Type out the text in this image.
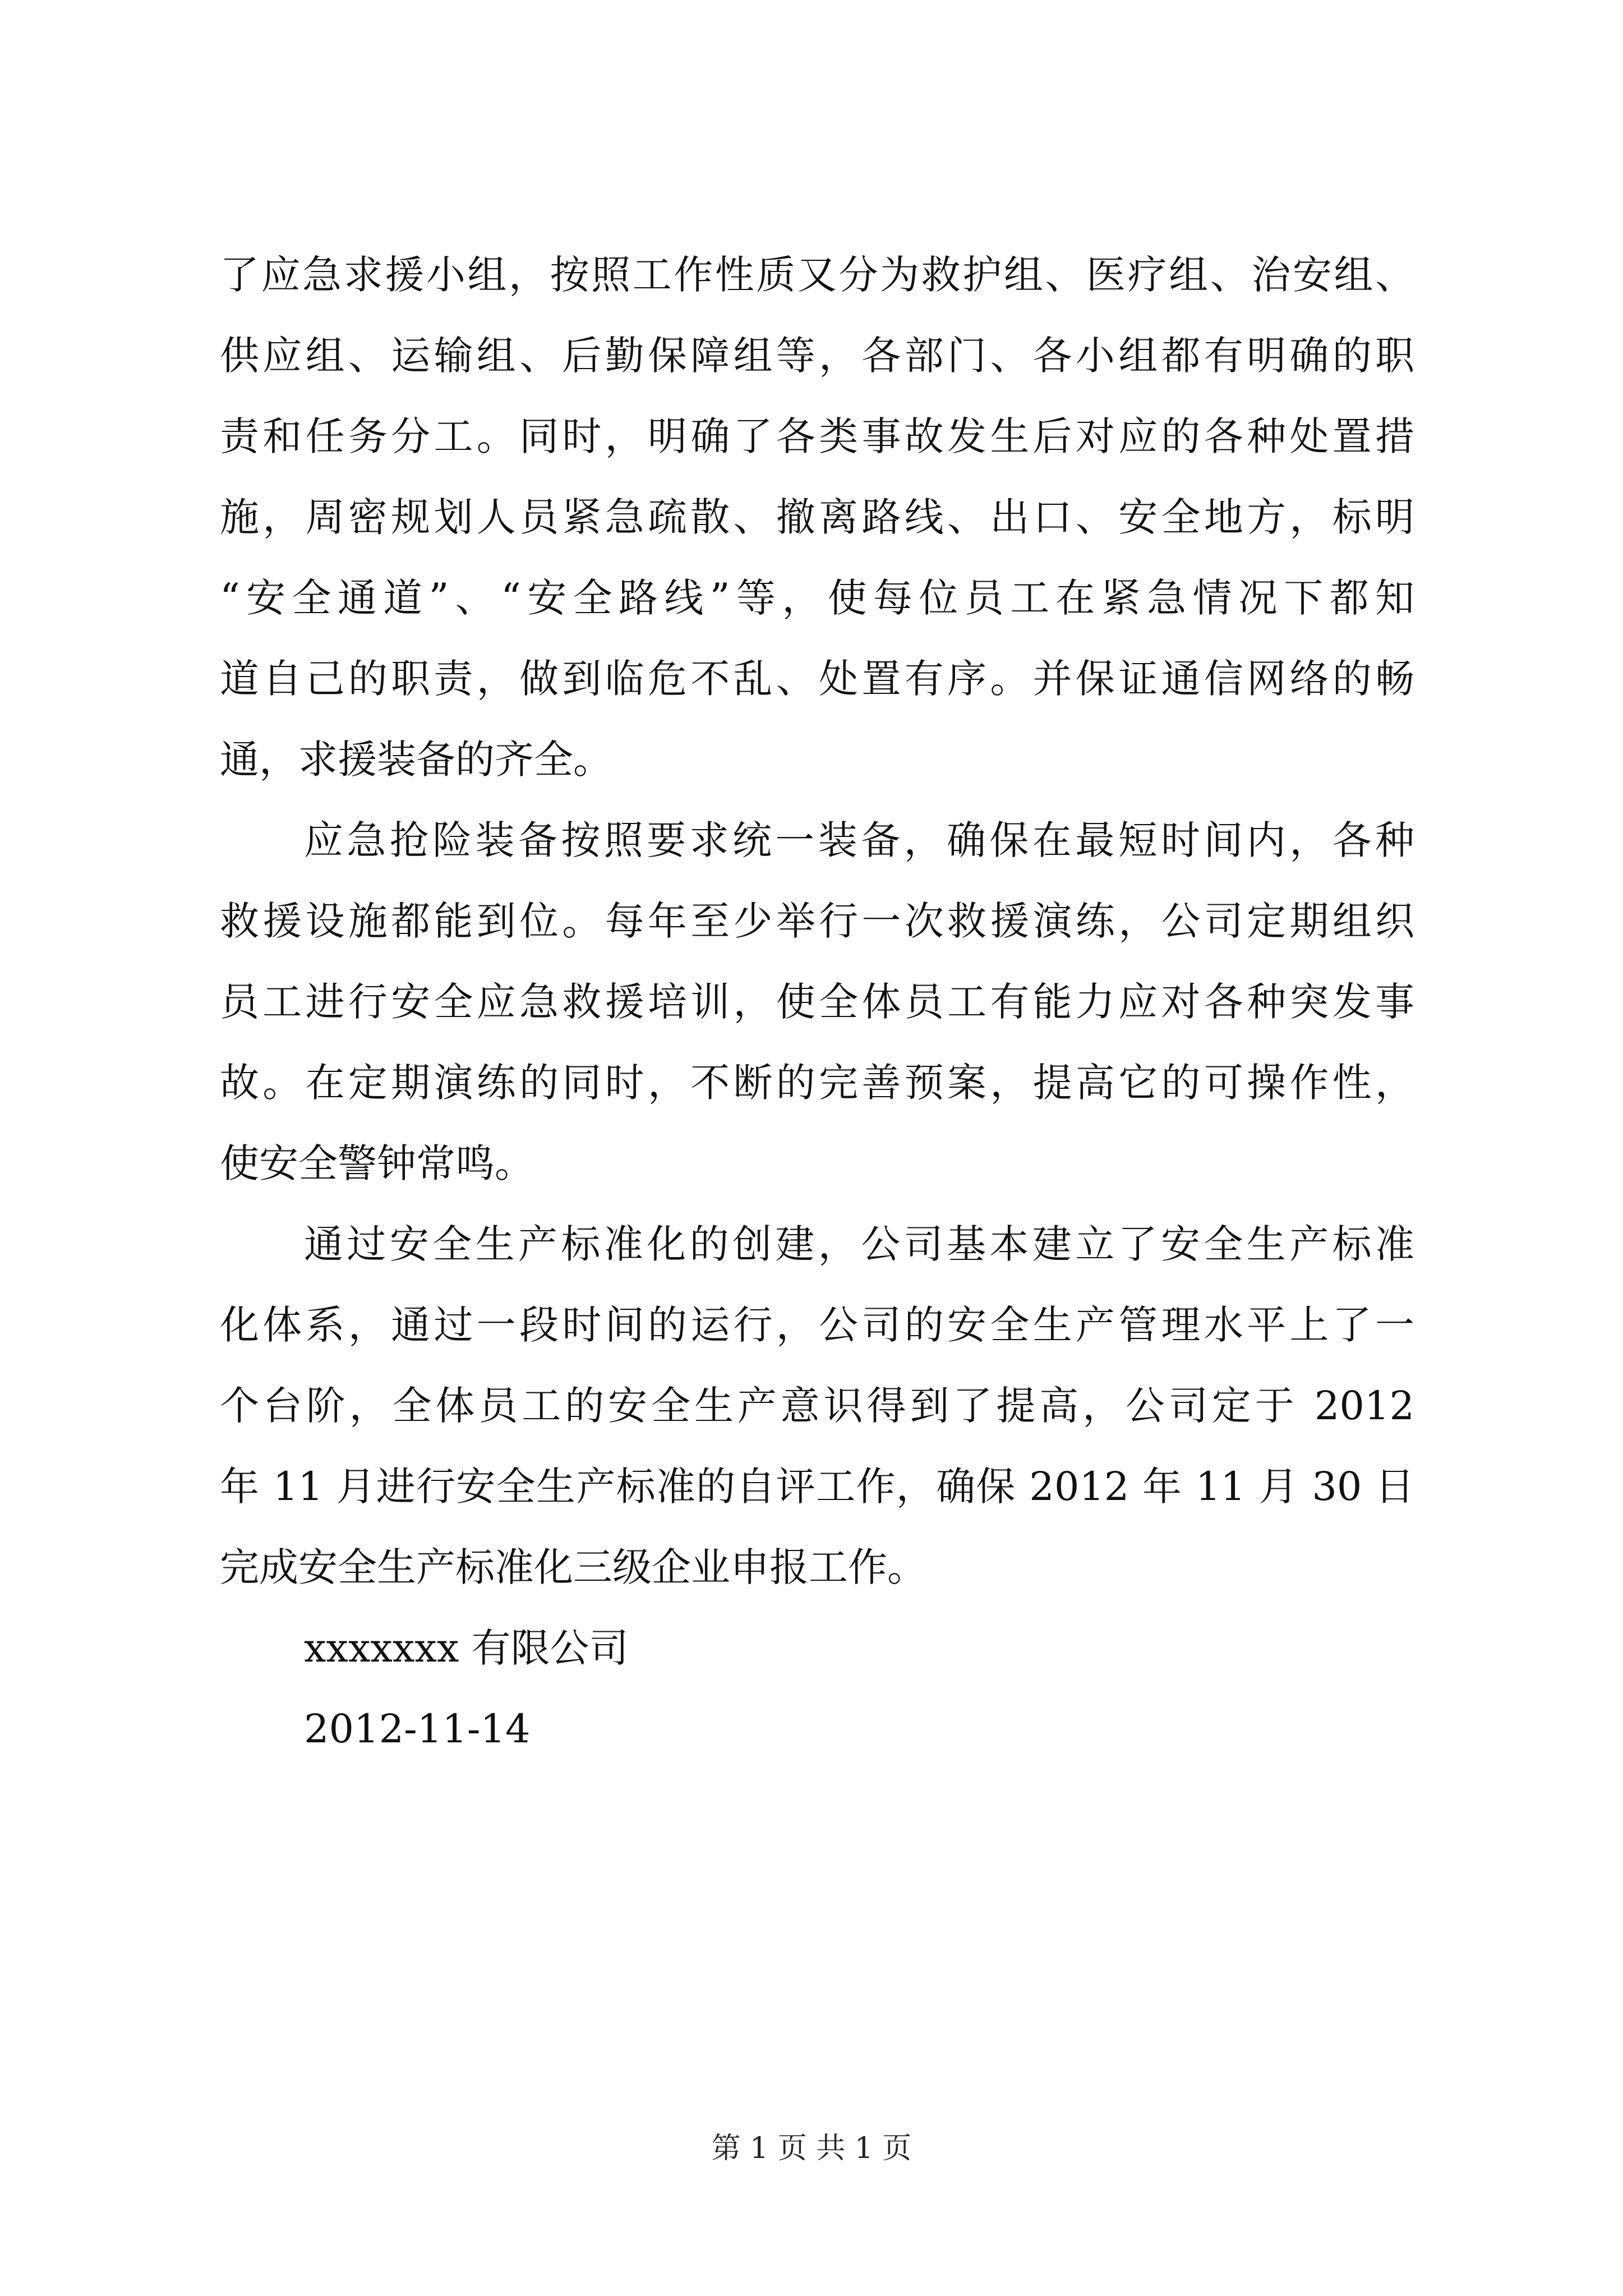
了应急求援小组，按照工作性质又分为救护组、医疗组、治安组、
供应组、运输组、后勤保障组等，各部门、各小组都有明确的职
责和任务分工。同时，明确了各类事故发生后对应的各种处置措
施，周密规划人员紧急疏散、撤离路线、出口、安全地方，标明
“安全通道”、“安全路线”等，使每位员工在紧急情况下都知
道自己的职责，做到临危不乱、处置有序。并保证通信网络的畅
通，求援装备的齐全。
应急抢险装备按照要求统一装备，确保在最短时间内，各种
救援设施都能到位。每年至少举行一次救援演练，公司定期组织
员工进行安全应急救援培训，使全体员工有能力应对各种突发事
故。在定期演练的同时，不断的完善预案，提高它的可操作性，
使安全警钟常鸣。
通过安全生产标准化的创建，公司基本建立了安全生产标准
化体系，通过一段时间的运行，公司的安全生产管理水平上了一
个台阶，全体员工的安全生产意识得到了提高，公司定于 2012
年 11 月进行安全生产标准的自评工作，确保 2012 年 11 月 30 日
完成安全生产标准化三级企业申报工作。
xxxxxxx 有限公司
2012-11-14
第 1 页 共 1 页
